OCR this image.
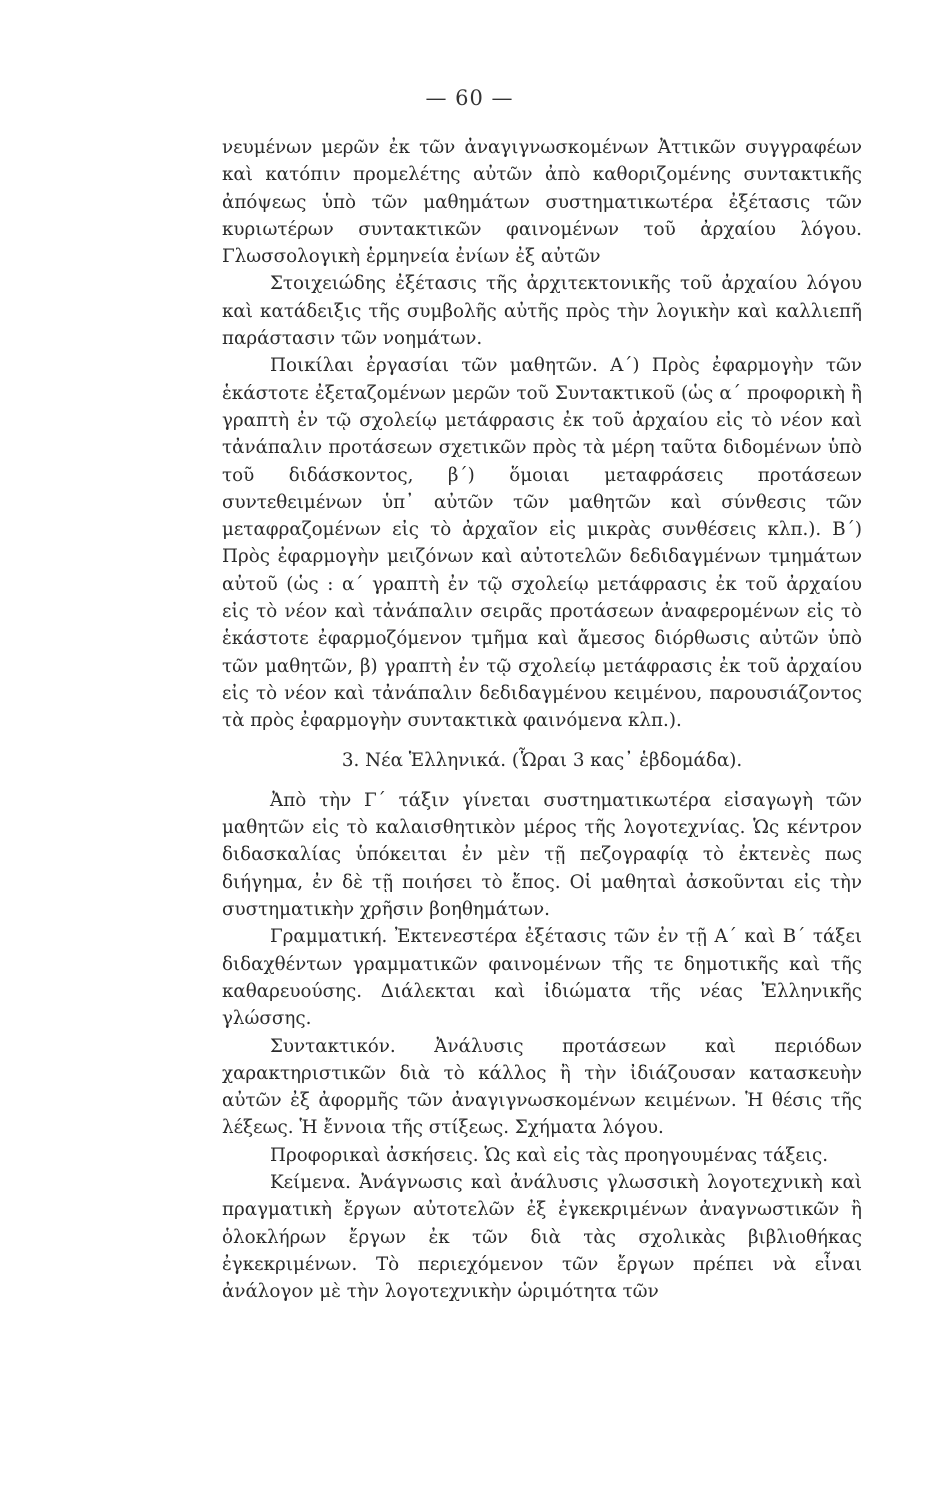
— 60 —

νευμένων μερῶν ἐκ τῶν ἀναγιγνωσκομένων Ἀττικῶν συγγραφέων καὶ κατόπιν προμελέτης αὐτῶν ἀπὸ καθοριζομένης συντακτικῆς ἀπόψεως ὑπὸ τῶν μαθημάτων συστηματικωτέρα ἐξέτασις τῶν κυριωτέρων συντακτικῶν φαινομένων τοῦ ἀρχαίου λόγου. Γλωσσολογικὴ ἑρμηνεία ἐνίων ἐξ αὐτῶν

Στοιχειώδης ἐξέτασις τῆς ἀρχιτεκτονικῆς τοῦ ἀρχαίου λόγου καὶ κατάδειξις τῆς συμβολῆς αὐτῆς πρὸς τὴν λογικὴν καὶ καλλιεπῆ παράστασιν τῶν νοημάτων.

Ποικίλαι ἐργασίαι τῶν μαθητῶν. Α΄) Πρὸς ἐφαρμογὴν τῶν ἑκάστοτε ἐξεταζομένων μερῶν τοῦ Συντακτικοῦ (ὡς α΄ προφορικὴ ἢ γραπτὴ ἐν τῷ σχολείῳ μετάφρασις ἐκ τοῦ ἀρχαίου εἰς τὸ νέον καὶ τἀνάπαλιν προτάσεων σχετικῶν πρὸς τὰ μέρη ταῦτα διδομένων ὑπὸ τοῦ διδάσκοντος, β΄) ὅμοιαι μεταφράσεις προτάσεων συντεθειμένων ὑπ᾽ αὐτῶν τῶν μαθητῶν καὶ σύνθεσις τῶν μεταφραζομένων εἰς τὸ ἀρχαῖον εἰς μικρὰς συνθέσεις κλπ.). Β΄) Πρὸς ἐφαρμογὴν μειζόνων καὶ αὐτοτελῶν δεδιδαγμένων τμημάτων αὐτοῦ (ὡς : α΄ γραπτὴ ἐν τῷ σχολείῳ μετάφρασις ἐκ τοῦ ἀρχαίου εἰς τὸ νέον καὶ τἀνάπαλιν σειρᾶς προτάσεων ἀναφερομένων εἰς τὸ ἑκάστοτε ἐφαρμοζόμενον τμῆμα καὶ ἄμεσος διόρθωσις αὐτῶν ὑπὸ τῶν μαθητῶν, β) γραπτὴ ἐν τῷ σχολείῳ μετάφρασις ἐκ τοῦ ἀρχαίου εἰς τὸ νέον καὶ τἀνάπαλιν δεδιδαγμένου κειμένου, παρουσιάζοντος τὰ πρὸς ἐφαρμογὴν συντακτικὰ φαινόμενα κλπ.).

3. Νέα Ἑλληνικά. (Ὧραι 3 κας᾽ ἑβδομάδα).

Ἀπὸ τὴν Γ΄ τάξιν γίνεται συστηματικωτέρα εἰσαγωγὴ τῶν μαθητῶν εἰς τὸ καλαισθητικὸν μέρος τῆς λογοτεχνίας. Ὡς κέντρον διδασκαλίας ὑπόκειται ἐν μὲν τῇ πεζογραφίᾳ τὸ ἐκτενὲς πως διήγημα, ἐν δὲ τῇ ποιήσει τὸ ἔπος. Οἱ μαθηταὶ ἀσκοῦνται εἰς τὴν συστηματικὴν χρῆσιν βοηθημάτων.

Γραμματική. Ἐκτενεστέρα ἐξέτασις τῶν ἐν τῇ Α΄ καὶ Β΄ τάξει διδαχθέντων γραμματικῶν φαινομένων τῆς τε δημοτικῆς καὶ τῆς καθαρευούσης. Διάλεκται καὶ ἰδιώματα τῆς νέας Ἑλληνικῆς γλώσσης.

Συντακτικόν. Ἀνάλυσις προτάσεων καὶ περιόδων χαρακτηριστικῶν διὰ τὸ κάλλος ἢ τὴν ἰδιάζουσαν κατασκευὴν αὐτῶν ἐξ ἀφορμῆς τῶν ἀναγιγνωσκομένων κειμένων. Ἡ θέσις τῆς λέξεως. Ἡ ἔννοια τῆς στίξεως. Σχήματα λόγου.

Προφορικαὶ ἀσκήσεις. Ὡς καὶ εἰς τὰς προηγουμένας τάξεις.

Κείμενα. Ἀνάγνωσις καὶ ἀνάλυσις γλωσσικὴ λογοτεχνικὴ καὶ πραγματικὴ ἔργων αὐτοτελῶν ἐξ ἐγκεκριμένων ἀναγνωστικῶν ἢ ὁλοκλήρων ἔργων ἐκ τῶν διὰ τὰς σχολικὰς βιβλιοθήκας ἐγκεκριμένων. Τὸ περιεχόμενον τῶν ἔργων πρέπει νὰ εἶναι ἀνάλογον μὲ τὴν λογοτεχνικὴν ὡριμότητα τῶν
